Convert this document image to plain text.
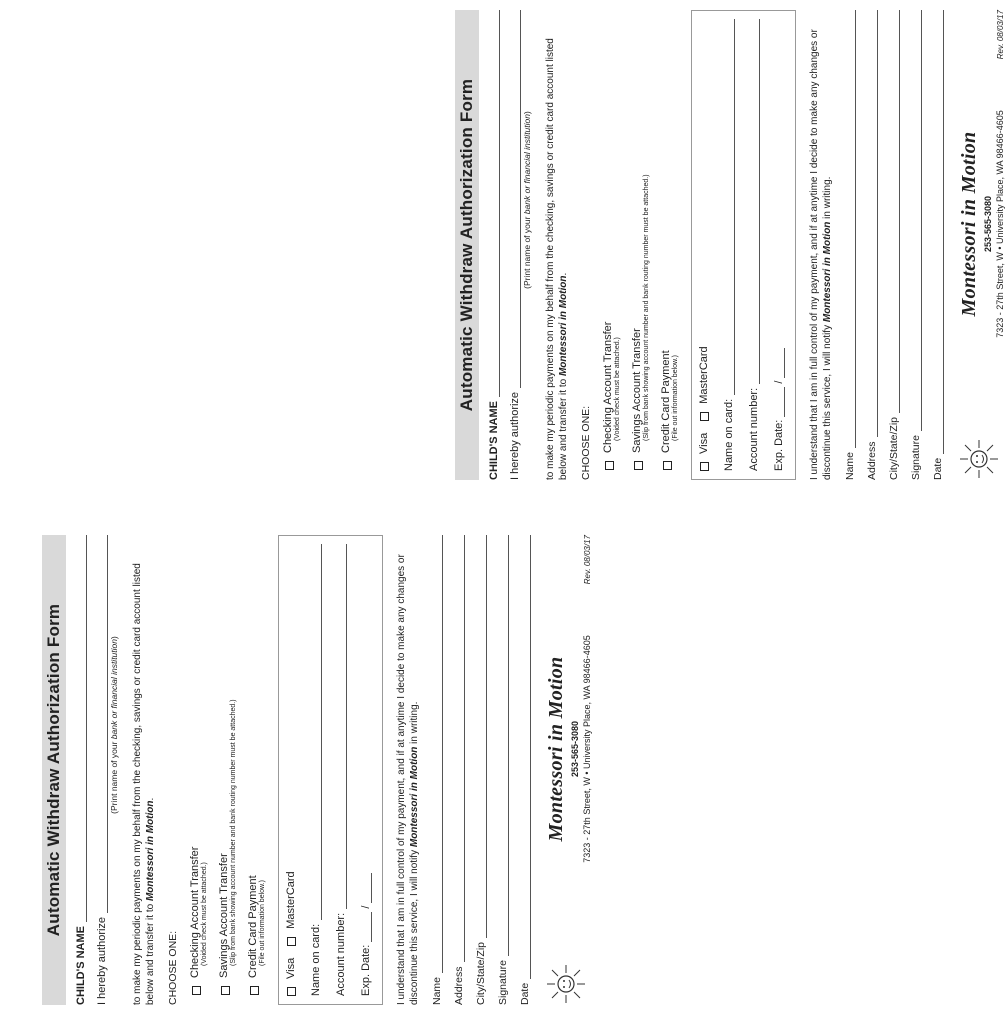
Automatic Withdraw Authorization Form
CHILD'S NAME I hereby authorize
(Print name of your bank or financial institution) to make my periodic payments on my behalf from the checking, savings or credit card account listed below and transfer it to Montessori in Motion.
CHOOSE ONE: Checking Account Transfer (Voided check must be attached.) Savings Account Transfer (Slip from bank showing account number and bank routing number must be attached.) Credit Card Payment (File out information below.)
Visa
MasterCard
Name on card: Account number: Exp. Date:
/ I understand that I am in full control of my payment, and if at anytime I decide to make any changes or discontinue this service, I will notify Montessori in Motion in writing.
Name Address City/State/Zip Signature Date
Montessori in Motion 253-565-3080 7323 - 27th Street, W • University Place, WA 98466-4605
Rev. 08/03/17
Automatic Withdraw Authorization Form
CHILD'S NAME I hereby authorize
(Print name of your bank or financial institution) to make my periodic payments on my behalf from the checking, savings or credit card account listed below and transfer it to Montessori in Motion.
CHOOSE ONE: Checking Account Transfer (Voided check must be attached.) Savings Account Transfer (Slip from bank showing account number and bank routing number must be attached.) Credit Card Payment (File out information below.)
Visa
MasterCard
Name on card: Account number: Exp. Date:
/ I understand that I am in full control of my payment, and if at anytime I decide to make any changes or discontinue this service, I will notify Montessori in Motion in writing.
Name Address City/State/Zip Signature Date
Montessori in Motion 253-565-3080 7323 - 27th Street, W • University Place, WA 98466-4605
Rev. 08/03/17
